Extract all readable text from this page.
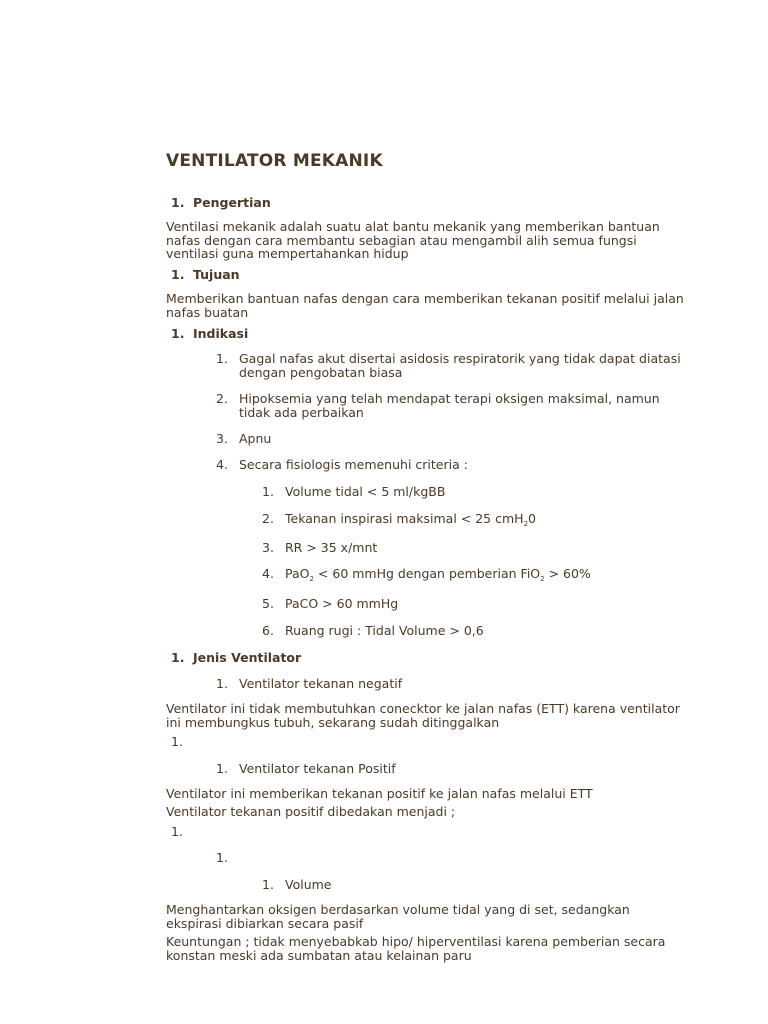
VENTILATOR MEKANIK
1. Pengertian
Ventilasi mekanik adalah suatu alat bantu mekanik yang memberikan bantuan
nafas dengan cara membantu sebagian atau mengambil alih semua fungsi
ventilasi guna mempertahankan hidup
1. Tujuan
Memberikan bantuan nafas dengan cara memberikan tekanan positif melalui jalan
nafas buatan
1. Indikasi
1. Gagal nafas akut disertai asidosis respiratorik yang tidak dapat diatasi
dengan pengobatan biasa
2. Hipoksemia yang telah mendapat terapi oksigen maksimal, namun
tidak ada perbaikan
3. Apnu
4. Secara fisiologis memenuhi criteria :
1. Volume tidal < 5 ml/kgBB
2. Tekanan inspirasi maksimal < 25 cmH$_2$0
3. RR > 35 x/mnt
4. PaO$_2$ < 60 mmHg dengan pemberian FiO$_2$ > 60%
5. PaCO > 60 mmHg
6. Ruang rugi : Tidal Volume > 0,6
1. Jenis Ventilator
1. Ventilator tekanan negatif
Ventilator ini tidak membutuhkan conecktor ke jalan nafas (ETT) karena ventilator
ini membungkus tubuh, sekarang sudah ditinggalkan
1.
1. Ventilator tekanan Positif
Ventilator ini memberikan tekanan positif ke jalan nafas melalui ETT
Ventilator tekanan positif dibedakan menjadi ;
1.
1.
1. Volume
Menghantarkan oksigen berdasarkan volume tidal yang di set, sedangkan
ekspirasi dibiarkan secara pasif
Keuntungan ; tidak menyebabkab hipo/ hiperventilasi karena pemberian secara
konstan meski ada sumbatan atau kelainan paru
